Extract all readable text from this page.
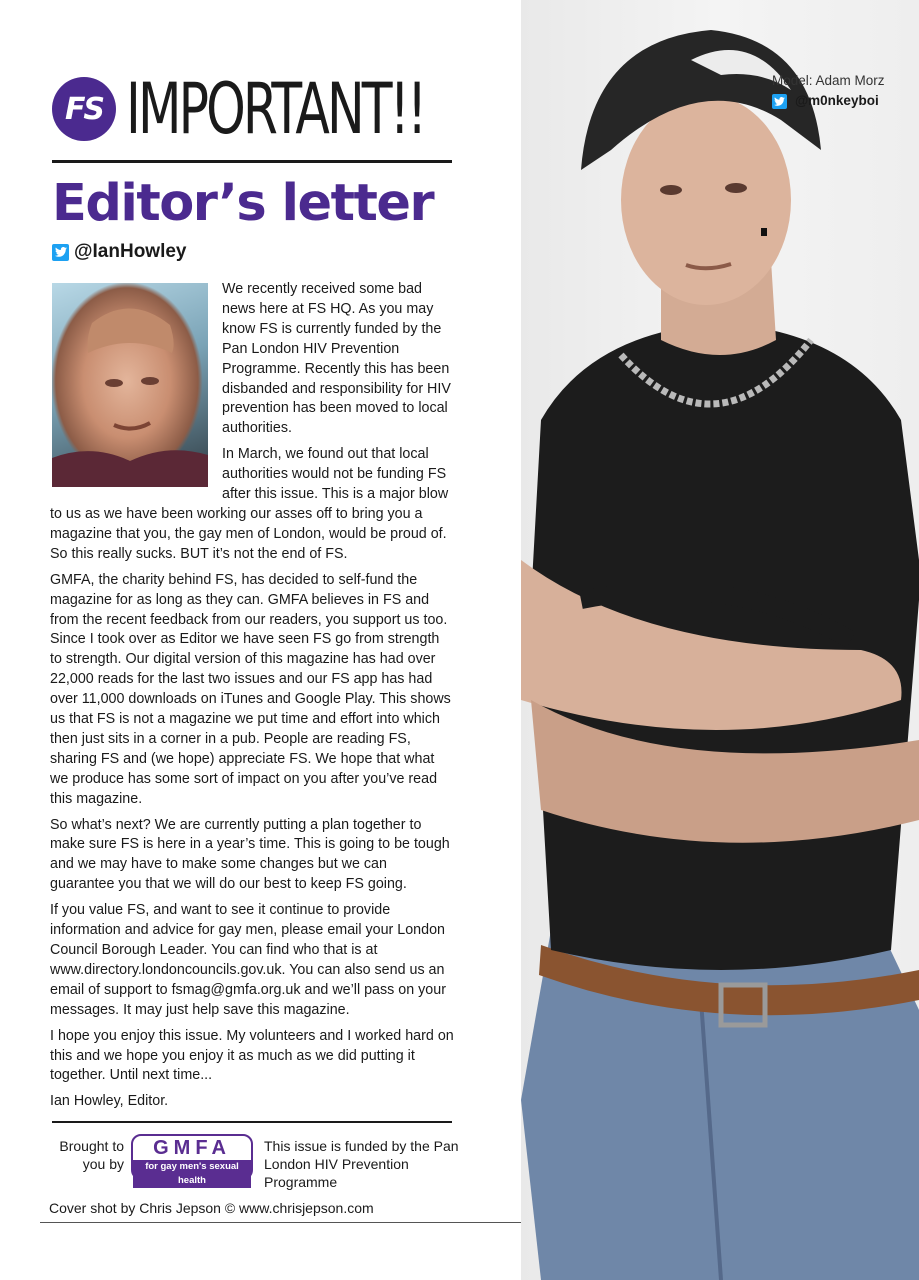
FS IMPORTANT!!
Editor’s letter
@IanHowley

We recently received some bad news here at FS HQ. As you may know FS is currently funded by the Pan London HIV Prevention Programme. Recently this has been disbanded and responsibility for HIV prevention has been moved to local authorities.

In March, we found out that local authorities would not be funding FS after this issue. This is a major blow to us as we have been working our asses off to bring you a magazine that you, the gay men of London, would be proud of. So this really sucks. BUT it’s not the end of FS.

GMFA, the charity behind FS, has decided to self-fund the magazine for as long as they can. GMFA believes in FS and from the recent feedback from our readers, you support us too. Since I took over as Editor we have seen FS go from strength to strength. Our digital version of this magazine has had over 22,000 reads for the last two issues and our FS app has had over 11,000 downloads on iTunes and Google Play. This shows us that FS is not a magazine we put time and effort into which then just sits in a corner in a pub. People are reading FS, sharing FS and (we hope) appreciate FS. We hope that what we produce has some sort of impact on you after you’ve read this magazine.

So what’s next? We are currently putting a plan together to make sure FS is here in a year’s time. This is going to be tough and we may have to make some changes but we can guarantee you that we will do our best to keep FS going.

If you value FS, and want to see it continue to provide information and advice for gay men, please email your London Council Borough Leader. You can find who that is at www.directory.londoncouncils.gov.uk. You can also send us an email of support to fsmag@gmfa.org.uk and we’ll pass on your messages. It may just help save this magazine.

I hope you enjoy this issue. My volunteers and I worked hard on this and we hope you enjoy it as much as we did putting it together. Until next time...

Ian Howley, Editor.

Brought to you by
GMFA
for gay men's sexual health
This issue is funded by the Pan London HIV Prevention Programme
Cover shot by Chris Jepson © www.chrisjepson.com
Model: Adam Morz
@m0nkeyboi
